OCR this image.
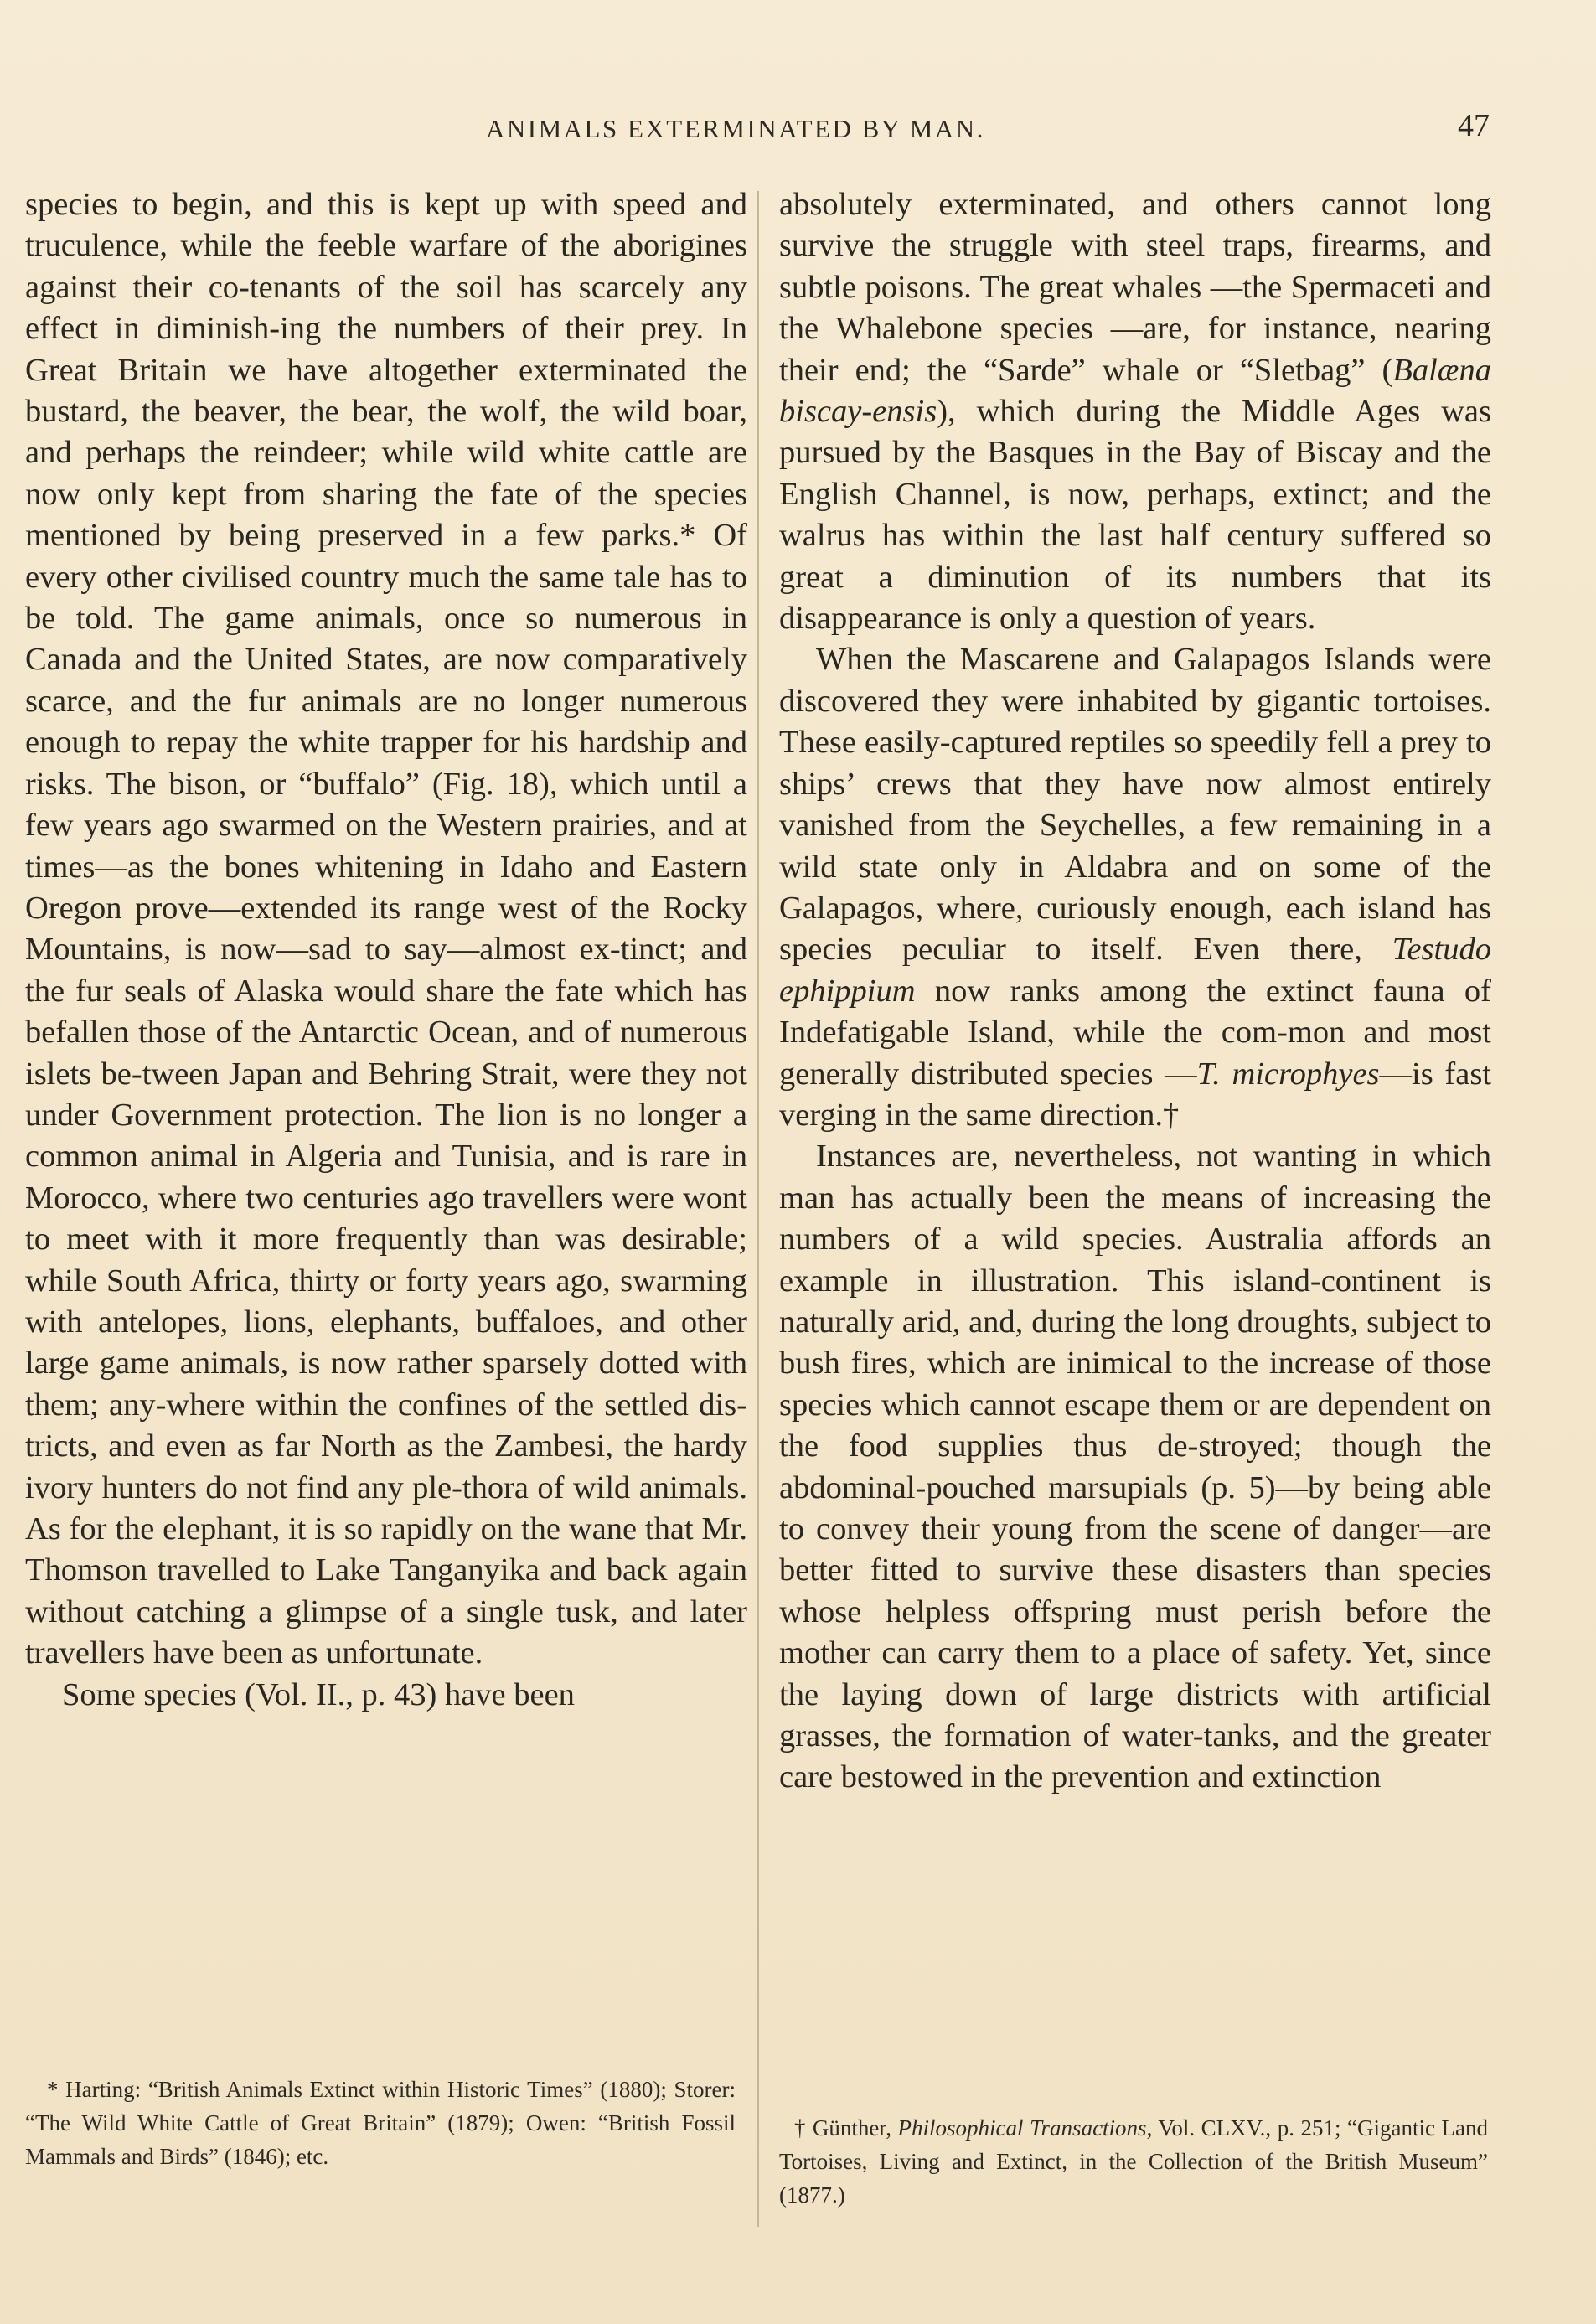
ANIMALS EXTERMINATED BY MAN.	47

species to begin, and this is kept up with speed and truculence, while the feeble warfare of the aborigines against their co-tenants of the soil has scarcely any effect in diminish-ing the numbers of their prey. In Great Britain we have altogether exterminated the bustard, the beaver, the bear, the wolf, the wild boar, and perhaps the reindeer; while wild white cattle are now only kept from sharing the fate of the species mentioned by being preserved in a few parks.* Of every other civilised country much the same tale has to be told. The game animals, once so numerous in Canada and the United States, are now comparatively scarce, and the fur animals are no longer numerous enough to repay the white trapper for his hardship and risks. The bison, or “buffalo” (Fig. 18), which until a few years ago swarmed on the Western prairies, and at times—as the bones whitening in Idaho and Eastern Oregon prove—extended its range west of the Rocky Mountains, is now—sad to say—almost ex-tinct; and the fur seals of Alaska would share the fate which has befallen those of the Antarctic Ocean, and of numerous islets be-tween Japan and Behring Strait, were they not under Government protection. The lion is no longer a common animal in Algeria and Tunisia, and is rare in Morocco, where two centuries ago travellers were wont to meet with it more frequently than was desirable; while South Africa, thirty or forty years ago, swarming with antelopes, lions, elephants, buffaloes, and other large game animals, is now rather sparsely dotted with them; any-where within the confines of the settled dis-tricts, and even as far North as the Zambesi, the hardy ivory hunters do not find any ple-thora of wild animals. As for the elephant, it is so rapidly on the wane that Mr. Thomson travelled to Lake Tanganyika and back again without catching a glimpse of a single tusk, and later travellers have been as unfortunate.

Some species (Vol. II., p. 43) have been

absolutely exterminated, and others cannot long survive the struggle with steel traps, firearms, and subtle poisons. The great whales —the Spermaceti and the Whalebone species —are, for instance, nearing their end; the “Sarde” whale or “Sletbag” (Balæna biscay-ensis), which during the Middle Ages was pursued by the Basques in the Bay of Biscay and the English Channel, is now, perhaps, extinct; and the walrus has within the last half century suffered so great a diminution of its numbers that its disappearance is only a question of years.

When the Mascarene and Galapagos Islands were discovered they were inhabited by gigantic tortoises. These easily-captured reptiles so speedily fell a prey to ships’ crews that they have now almost entirely vanished from the Seychelles, a few remaining in a wild state only in Aldabra and on some of the Galapagos, where, curiously enough, each island has species peculiar to itself. Even there, Testudo ephippium now ranks among the extinct fauna of Indefatigable Island, while the com-mon and most generally distributed species —T. microphyes—is fast verging in the same direction.†

Instances are, nevertheless, not wanting in which man has actually been the means of increasing the numbers of a wild species. Australia affords an example in illustration. This island-continent is naturally arid, and, during the long droughts, subject to bush fires, which are inimical to the increase of those species which cannot escape them or are dependent on the food supplies thus de-stroyed; though the abdominal-pouched marsupials (p. 5)—by being able to convey their young from the scene of danger—are better fitted to survive these disasters than species whose helpless offspring must perish before the mother can carry them to a place of safety. Yet, since the laying down of large districts with artificial grasses, the formation of water-tanks, and the greater care bestowed in the prevention and extinction

* Harting: “British Animals Extinct within Historic Times” (1880); Storer: “The Wild White Cattle of Great Britain” (1879); Owen: “British Fossil Mammals and Birds” (1846); etc.
† Günther, Philosophical Transactions, Vol. CLXV., p. 251; “Gigantic Land Tortoises, Living and Extinct, in the Collection of the British Museum” (1877.)
